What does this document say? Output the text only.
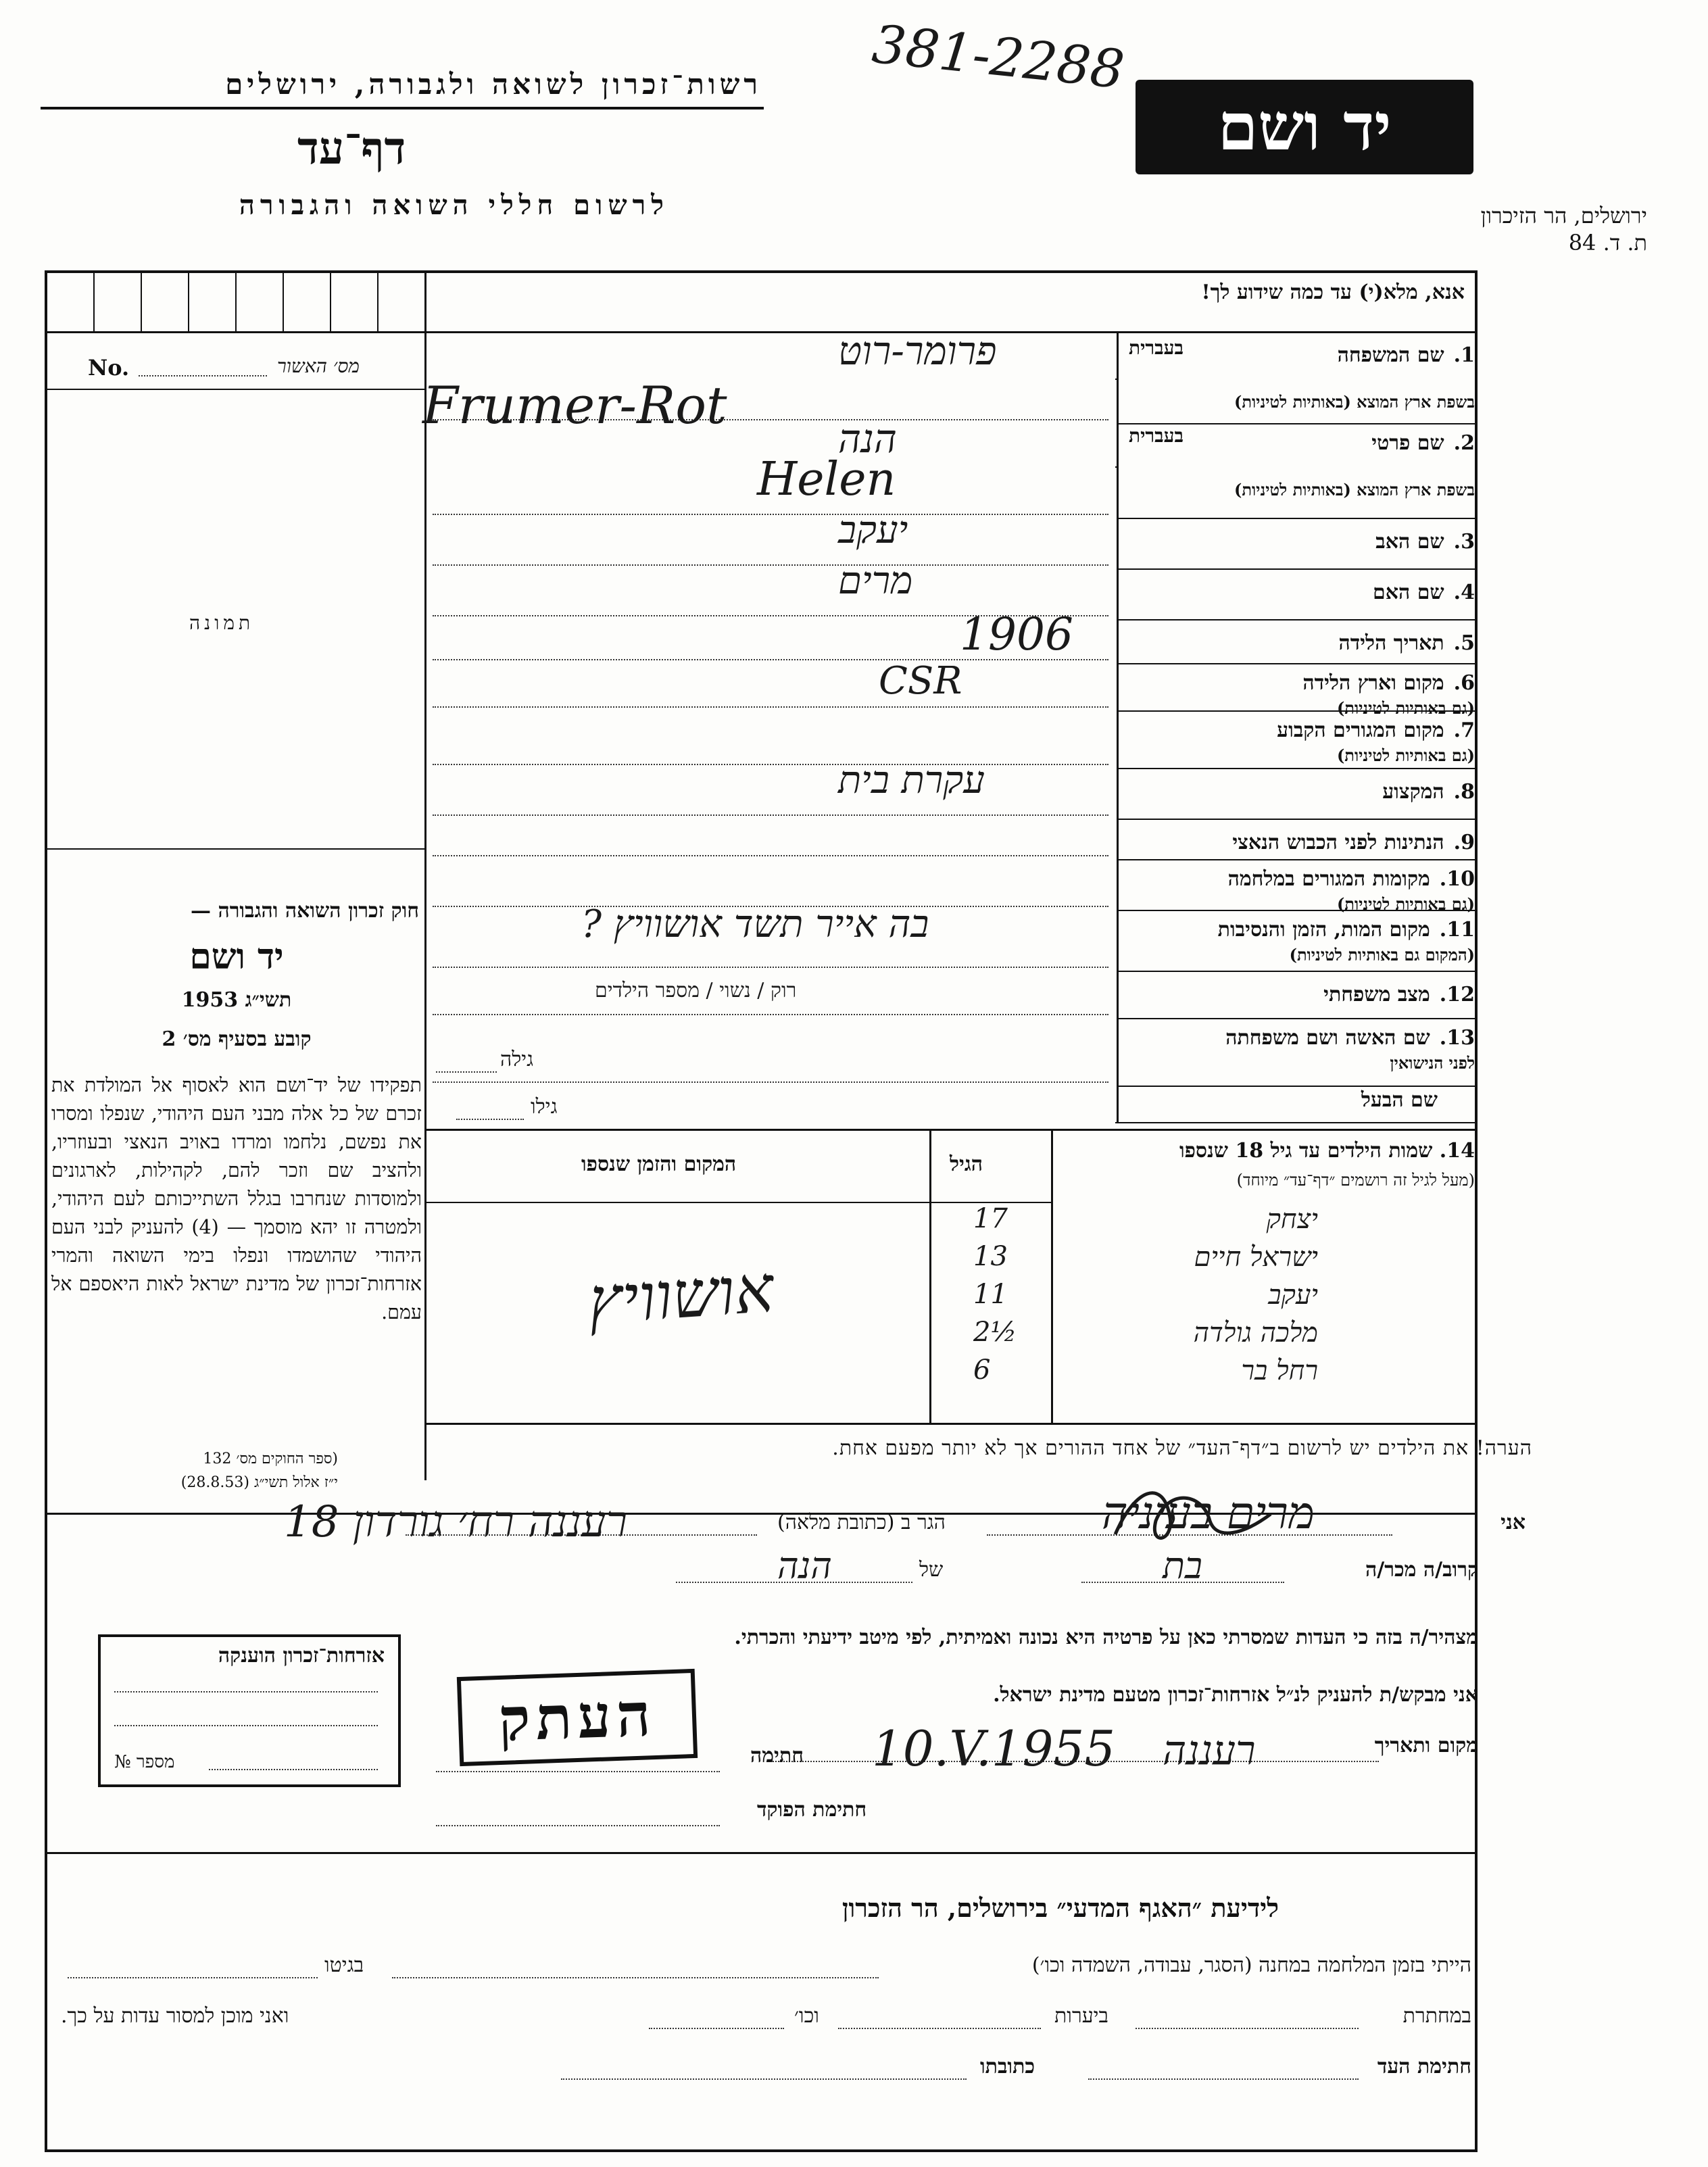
רשות־זכרון לשואה ולגבורה, ירושלים
דף־עד
לרשום חללי השואה והגבורה
381-2288
יד ושם
ירושלים, הר הזיכרון
ת. ד. 84
No.	מס׳ האשור
תמונה
חוק זכרון השואה והגבורה —
יד ושם
תשי״ג 1953
קובע בסעיף מס׳ 2
תפקידו של יד־ושם הוא לאסוף אל המולדת את זכרם של כל אלה מבני העם היהודי, שנפלו ומסרו את נפשם, נלחמו ומרדו באויב הנאצי ובעוזריו, ולהציב שם וזכר להם, לקהילות, לארגונים ולמוסדות שנחרבו בגלל השתייכותם לעם היהודי, ולמטרה זו יהא מוסמך — (4) להעניק לבני העם היהודי שהושמדו ונפלו בימי השואה והמרי אזרחות־זכרון של מדינת ישראל לאות היאספם אל עמם.
(ספר החוקים מס׳ 132
י״ז אלול תשי״ג (28.8.53)
אנא, מלא(י) עד כמה שידוע לך!
1.שם המשפחה
בעברית
בשפת ארץ המוצא (באותיות לטיניות)
פרומר-רוט
Frumer-Rot
2.שם פרטי
בעברית
בשפת ארץ המוצא (באותיות לטיניות)
הנה
Helen
3.שם האב
יעקב
4.שם האם
מרים
5.תאריך הלידה
1906
6.מקום וארץ הלידה
(גם באותיות לטיניות)
CSR
7.מקום המגורים הקבוע
(גם באותיות לטיניות)
8.המקצוע
עקרת בית
9.הנתינות לפני הכבוש הנאצי
10.מקומות המגורים במלחמה
(גם באותיות לטיניות)
11.מקום המות, הזמן והנסיבות
(המקום גם באותיות לטיניות)
בה אייר תשד אושוויץ ?
12.מצב משפחתי
רוק / נשוי / מספר הילדים
13.שם האשה ושם משפחתה
לפני הנישואין
גילה
גילו	שם הבעל
14. שמות הילדים עד גיל 18 שנספו
(מעל לגיל זה רושמים ״דף־עד״ מיוחד)
הגיל
המקום והזמן שנספו
יצחק
17
ישראל חיים
13
יעקב
11
מלכה גולדה
2½
רחל בר
6
אושוויץ
הערה! את הילדים יש לרשום ב״דף־העד״ של אחד ההורים אך לא יותר מפעם אחת.
אני
מרים בעיניה
הגר ב (כתובת מלאה)
רעננה רח׳ גורדון 18
קרוב/ה מכר/ה
בת
של
הנה
מצהיר/ה בזה כי העדות שמסרתי כאן על פרטיה היא נכונה ואמיתית, לפי מיטב ידיעתי והכרתי.
אני מבקש/ת להעניק לנ״ל אזרחות־זכרון מטעם מדינת ישראל.
מקום ותאריך
רעננה
10.V.1955
חתימה
חתימת הפוקד
אזרחות־זכרון הוענקה
מספר №
העתק
לידיעת ״האגף המדעי״ בירושלים, הר הזכרון
הייתי בזמן המלחמה במחנה (הסגר, עבודה, השמדה וכו׳)
בגיטו
במחתרת
ביערות
וכו׳
ואני מוכן למסור עדות על כך.
חתימת העד
כתובתו
